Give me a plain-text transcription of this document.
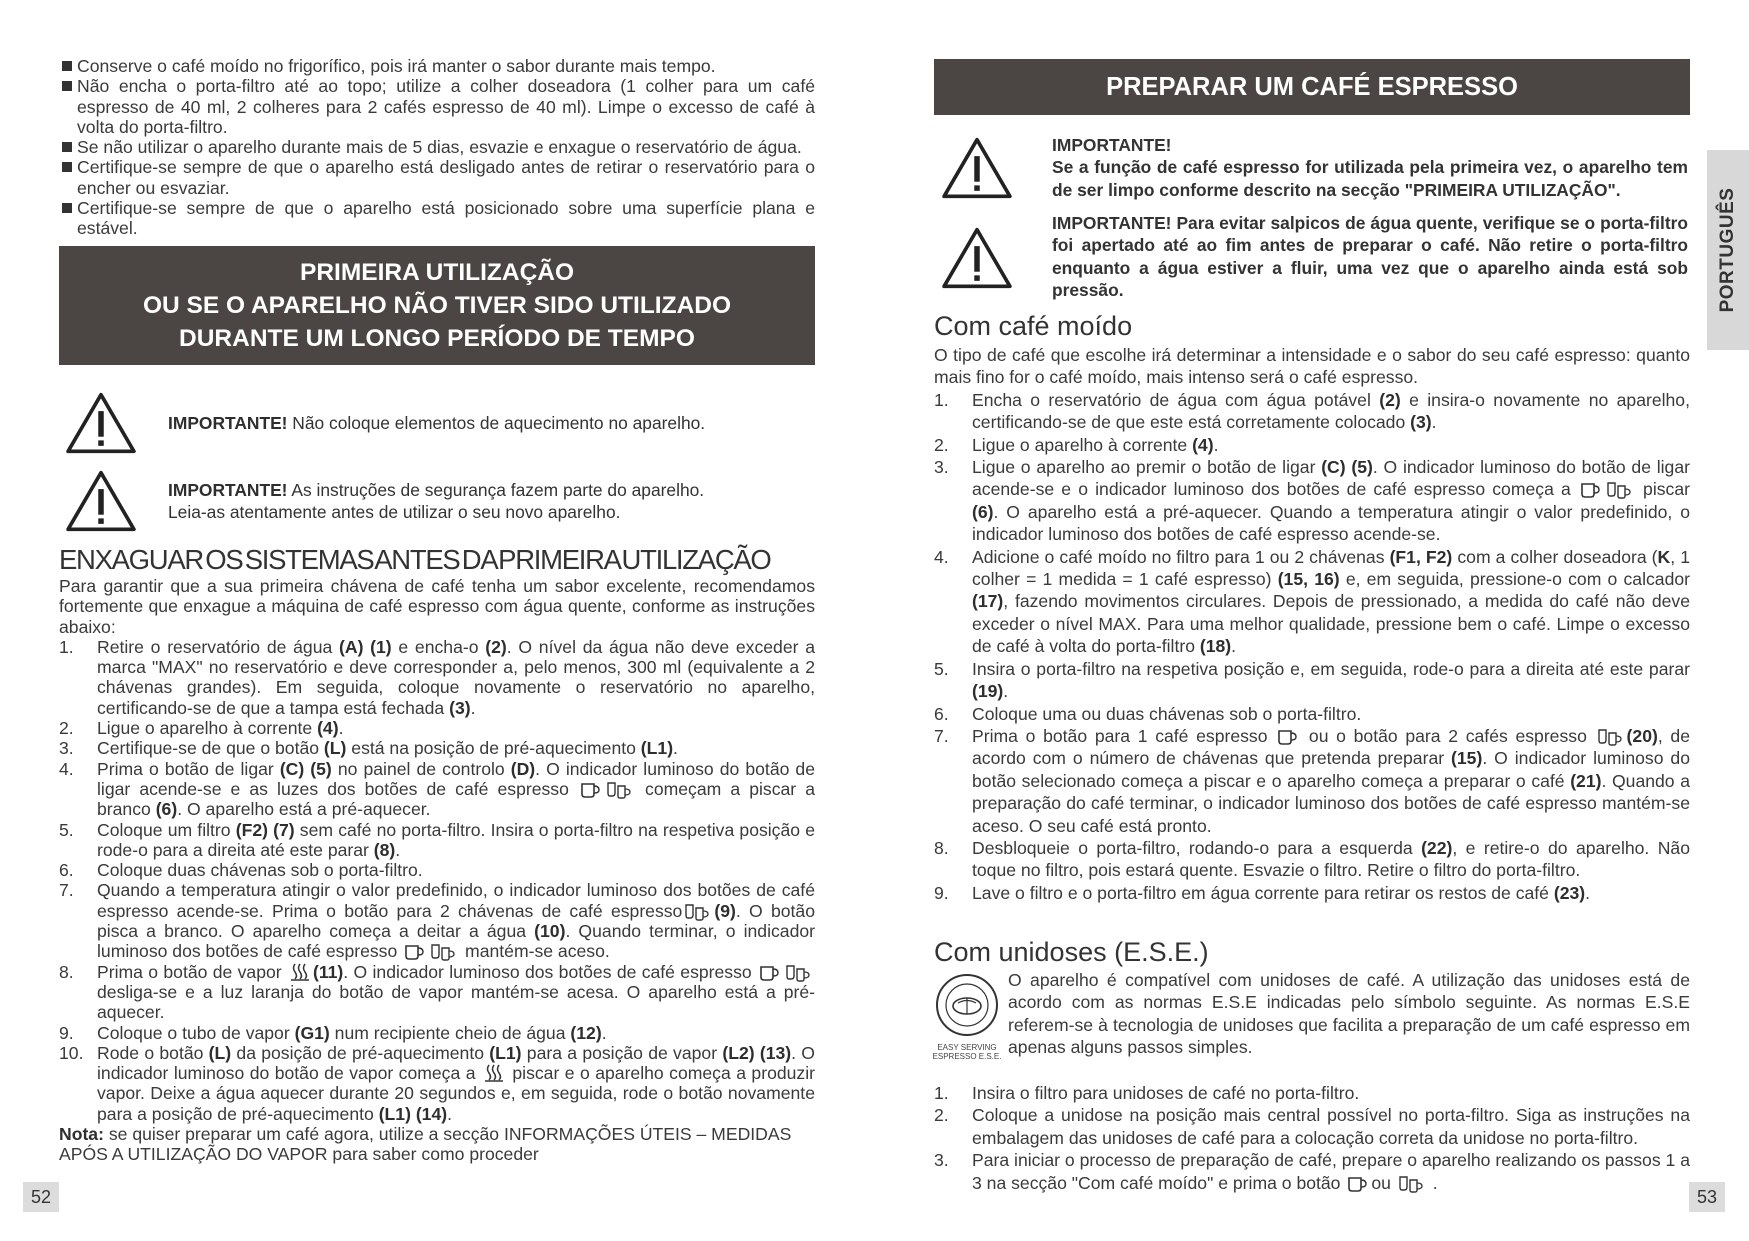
Conserve o café moído no frigorífico, pois irá manter o sabor durante mais tempo.
Não encha o porta-filtro até ao topo; utilize a colher doseadora (1 colher para um café espresso de 40 ml, 2 colheres para 2 cafés espresso de 40 ml). Limpe o excesso de café à volta do porta-filtro.
Se não utilizar o aparelho durante mais de 5 dias, esvazie e enxague o reservatório de água.
Certifique-se sempre de que o aparelho está desligado antes de retirar o reservatório para o encher ou esvaziar.
Certifique-se sempre de que o aparelho está posicionado sobre uma superfície plana e estável.
PRIMEIRA UTILIZAÇÃO
OU SE O APARELHO NÃO TIVER SIDO UTILIZADO
DURANTE UM LONGO PERÍODO DE TEMPO
IMPORTANTE! Não coloque elementos de aquecimento no aparelho.
IMPORTANTE! As instruções de segurança fazem parte do aparelho.
Leia-as atentamente antes de utilizar o seu novo aparelho.
ENXAGUAR OS SISTEMAS ANTES DA PRIMEIRA UTILIZAÇÃO
Para garantir que a sua primeira chávena de café tenha um sabor excelente, recomendamos fortemente que enxague a máquina de café espresso com água quente, conforme as instruções abaixo:
1. Retire o reservatório de água (A) (1) e encha-o (2). O nível da água não deve exceder a marca "MAX" no reservatório e deve corresponder a, pelo menos, 300 ml (equivalente a 2 chávenas grandes). Em seguida, coloque novamente o reservatório no aparelho, certificando-se de que a tampa está fechada (3).
2. Ligue o aparelho à corrente (4).
3. Certifique-se de que o botão (L) está na posição de pré-aquecimento (L1).
4. Prima o botão de ligar (C) (5) no painel de controlo (D). O indicador luminoso do botão de ligar acende-se e as luzes dos botões de café espresso	começam a piscar a branco (6). O aparelho está a pré-aquecer.
5. Coloque um filtro (F2) (7) sem café no porta-filtro. Insira o porta-filtro na respetiva posição e rode-o para a direita até este parar (8).
6. Coloque duas chávenas sob o porta-filtro.
7. Quando a temperatura atingir o valor predefinido, o indicador luminoso dos botões de café espresso acende-se. Prima o botão para 2 chávenas de café espresso (9). O botão pisca a branco. O aparelho começa a deitar a água (10). Quando terminar, o indicador luminoso dos botões de café espresso	mantém-se aceso.
8. Prima o botão de vapor (11). O indicador luminoso dos botões de café espresso  desliga-se e a luz laranja do botão de vapor mantém-se acesa. O aparelho está a pré-aquecer.
9. Coloque o tubo de vapor (G1) num recipiente cheio de água (12).
10. Rode o botão (L) da posição de pré-aquecimento (L1) para a posição de vapor (L2) (13). O indicador luminoso do botão de vapor começa a  piscar e o aparelho começa a produzir vapor. Deixe a água aquecer durante 20 segundos e, em seguida, rode o botão novamente para a posição de pré-aquecimento (L1) (14).
Nota: se quiser preparar um café agora, utilize a secção INFORMAÇÕES ÚTEIS – MEDIDAS APÓS A UTILIZAÇÃO DO VAPOR para saber como proceder
52
PREPARAR UM CAFÉ ESPRESSO
IMPORTANTE!
Se a função de café espresso for utilizada pela primeira vez, o aparelho tem de ser limpo conforme descrito na secção "PRIMEIRA UTILIZAÇÃO".
IMPORTANTE! Para evitar salpicos de água quente, verifique se o porta-filtro foi apertado até ao fim antes de preparar o café. Não retire o porta-filtro enquanto a água estiver a fluir, uma vez que o aparelho ainda está sob pressão.
Com café moído
O tipo de café que escolhe irá determinar a intensidade e o sabor do seu café espresso: quanto mais fino for o café moído, mais intenso será o café espresso.
1. Encha o reservatório de água com água potável (2) e insira-o novamente no aparelho, certificando-se de que este está corretamente colocado (3).
2. Ligue o aparelho à corrente (4).
3. Ligue o aparelho ao premir o botão de ligar (C) (5). O indicador luminoso do botão de ligar acende-se e o indicador luminoso dos botões de café espresso começa a	piscar (6). O aparelho está a pré-aquecer. Quando a temperatura atingir o valor predefinido, o indicador luminoso dos botões de café espresso acende-se.
4. Adicione o café moído no filtro para 1 ou 2 chávenas (F1, F2) com a colher doseadora (K, 1 colher = 1 medida = 1 café espresso) (15, 16) e, em seguida, pressione-o com o calcador (17), fazendo movimentos circulares. Depois de pressionado, a medida do café não deve exceder o nível MAX. Para uma melhor qualidade, pressione bem o café. Limpe o excesso de café à volta do porta-filtro (18).
5. Insira o porta-filtro na respetiva posição e, em seguida, rode-o para a direita até este parar (19).
6. Coloque uma ou duas chávenas sob o porta-filtro.
7. Prima o botão para 1 café espresso  ou o botão para 2 cafés espresso (20), de acordo com o número de chávenas que pretenda preparar (15). O indicador luminoso do botão selecionado começa a piscar e o aparelho começa a preparar o café (21). Quando a preparação do café terminar, o indicador luminoso dos botões de café espresso mantém-se aceso. O seu café está pronto.
8. Desbloqueie o porta-filtro, rodando-o para a esquerda (22), e retire-o do aparelho. Não toque no filtro, pois estará quente. Esvazie o filtro. Retire o filtro do porta-filtro.
9. Lave o filtro e o porta-filtro em água corrente para retirar os restos de café (23).
Com unidoses (E.S.E.)
EASY SERVING ESPRESSO E.S.E.
O aparelho é compatível com unidoses de café. A utilização das unidoses está de acordo com as normas E.S.E indicadas pelo símbolo seguinte. As normas E.S.E referem-se à tecnologia de unidoses que facilita a preparação de um café espresso em apenas alguns passos simples.
1. Insira o filtro para unidoses de café no porta-filtro.
2. Coloque a unidose na posição mais central possível no porta-filtro. Siga as instruções na embalagem das unidoses de café para a colocação correta da unidose no porta-filtro.
3. Para iniciar o processo de preparação de café, prepare o aparelho realizando os passos 1 a 3 na secção "Com café moído" e prima o botão ou  .
PORTUGUÊS
53
